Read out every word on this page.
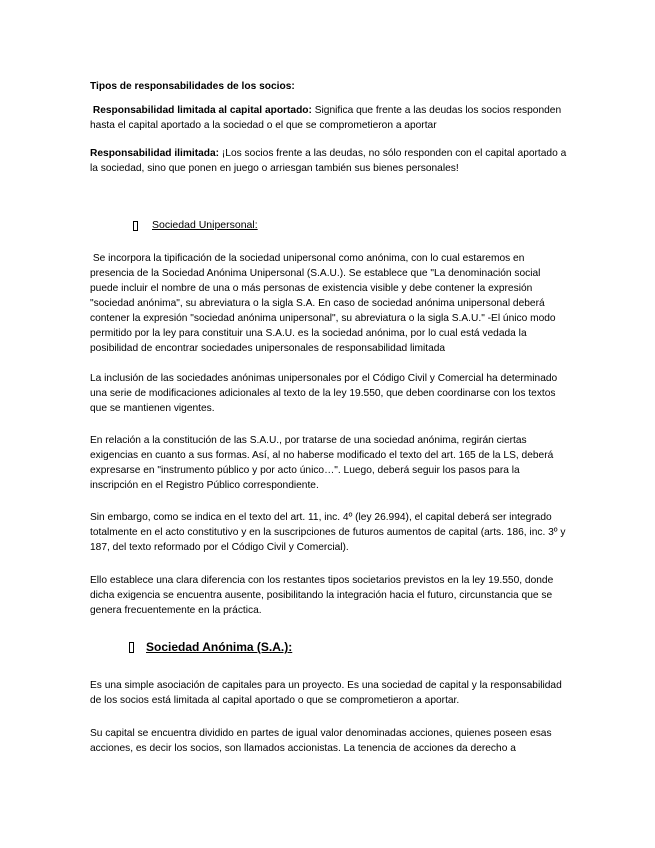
Tipos de responsabilidades de los socios:
Responsabilidad limitada al capital aportado: Significa que frente a las deudas los socios responden hasta el capital aportado a la sociedad o el que se comprometieron a aportar
Responsabilidad ilimitada: ¡Los socios frente a las deudas, no sólo responden con el capital aportado a la sociedad, sino que ponen en juego o arriesgan también sus bienes personales!
Sociedad Unipersonal:
Se incorpora la tipificación de la sociedad unipersonal como anónima, con lo cual estaremos en presencia de la Sociedad Anónima Unipersonal (S.A.U.). Se establece que "La denominación social puede incluir el nombre de una o más personas de existencia visible y debe contener la expresión "sociedad anónima", su abreviatura o la sigla S.A. En caso de sociedad anónima unipersonal deberá contener la expresión "sociedad anónima unipersonal", su abreviatura o la sigla S.A.U." -El único modo permitido por la ley para constituir una S.A.U. es la sociedad anónima, por lo cual está vedada la posibilidad de encontrar sociedades unipersonales de responsabilidad limitada
La inclusión de las sociedades anónimas unipersonales por el Código Civil y Comercial ha determinado una serie de modificaciones adicionales al texto de la ley 19.550, que deben coordinarse con los textos que se mantienen vigentes.
En relación a la constitución de las S.A.U., por tratarse de una sociedad anónima, regirán ciertas exigencias en cuanto a sus formas. Así, al no haberse modificado el texto del art. 165 de la LS, deberá expresarse en "instrumento público y por acto único…". Luego, deberá seguir los pasos para la inscripción en el Registro Público correspondiente.
Sin embargo, como se indica en el texto del art. 11, inc. 4º (ley 26.994), el capital deberá ser integrado totalmente en el acto constitutivo y en la suscripciones de futuros aumentos de capital (arts. 186, inc. 3º y 187, del texto reformado por el Código Civil y Comercial).
Ello establece una clara diferencia con los restantes tipos societarios previstos en la ley 19.550, donde dicha exigencia se encuentra ausente, posibilitando la integración hacia el futuro, circunstancia que se genera frecuentemente en la práctica.
Sociedad Anónima (S.A.):
Es una simple asociación de capitales para un proyecto. Es una sociedad de capital y la responsabilidad de los socios está limitada al capital aportado o que se comprometieron a aportar.
Su capital se encuentra dividido en partes de igual valor denominadas acciones, quienes poseen esas acciones, es decir los socios, son llamados accionistas. La tenencia de acciones da derecho a
